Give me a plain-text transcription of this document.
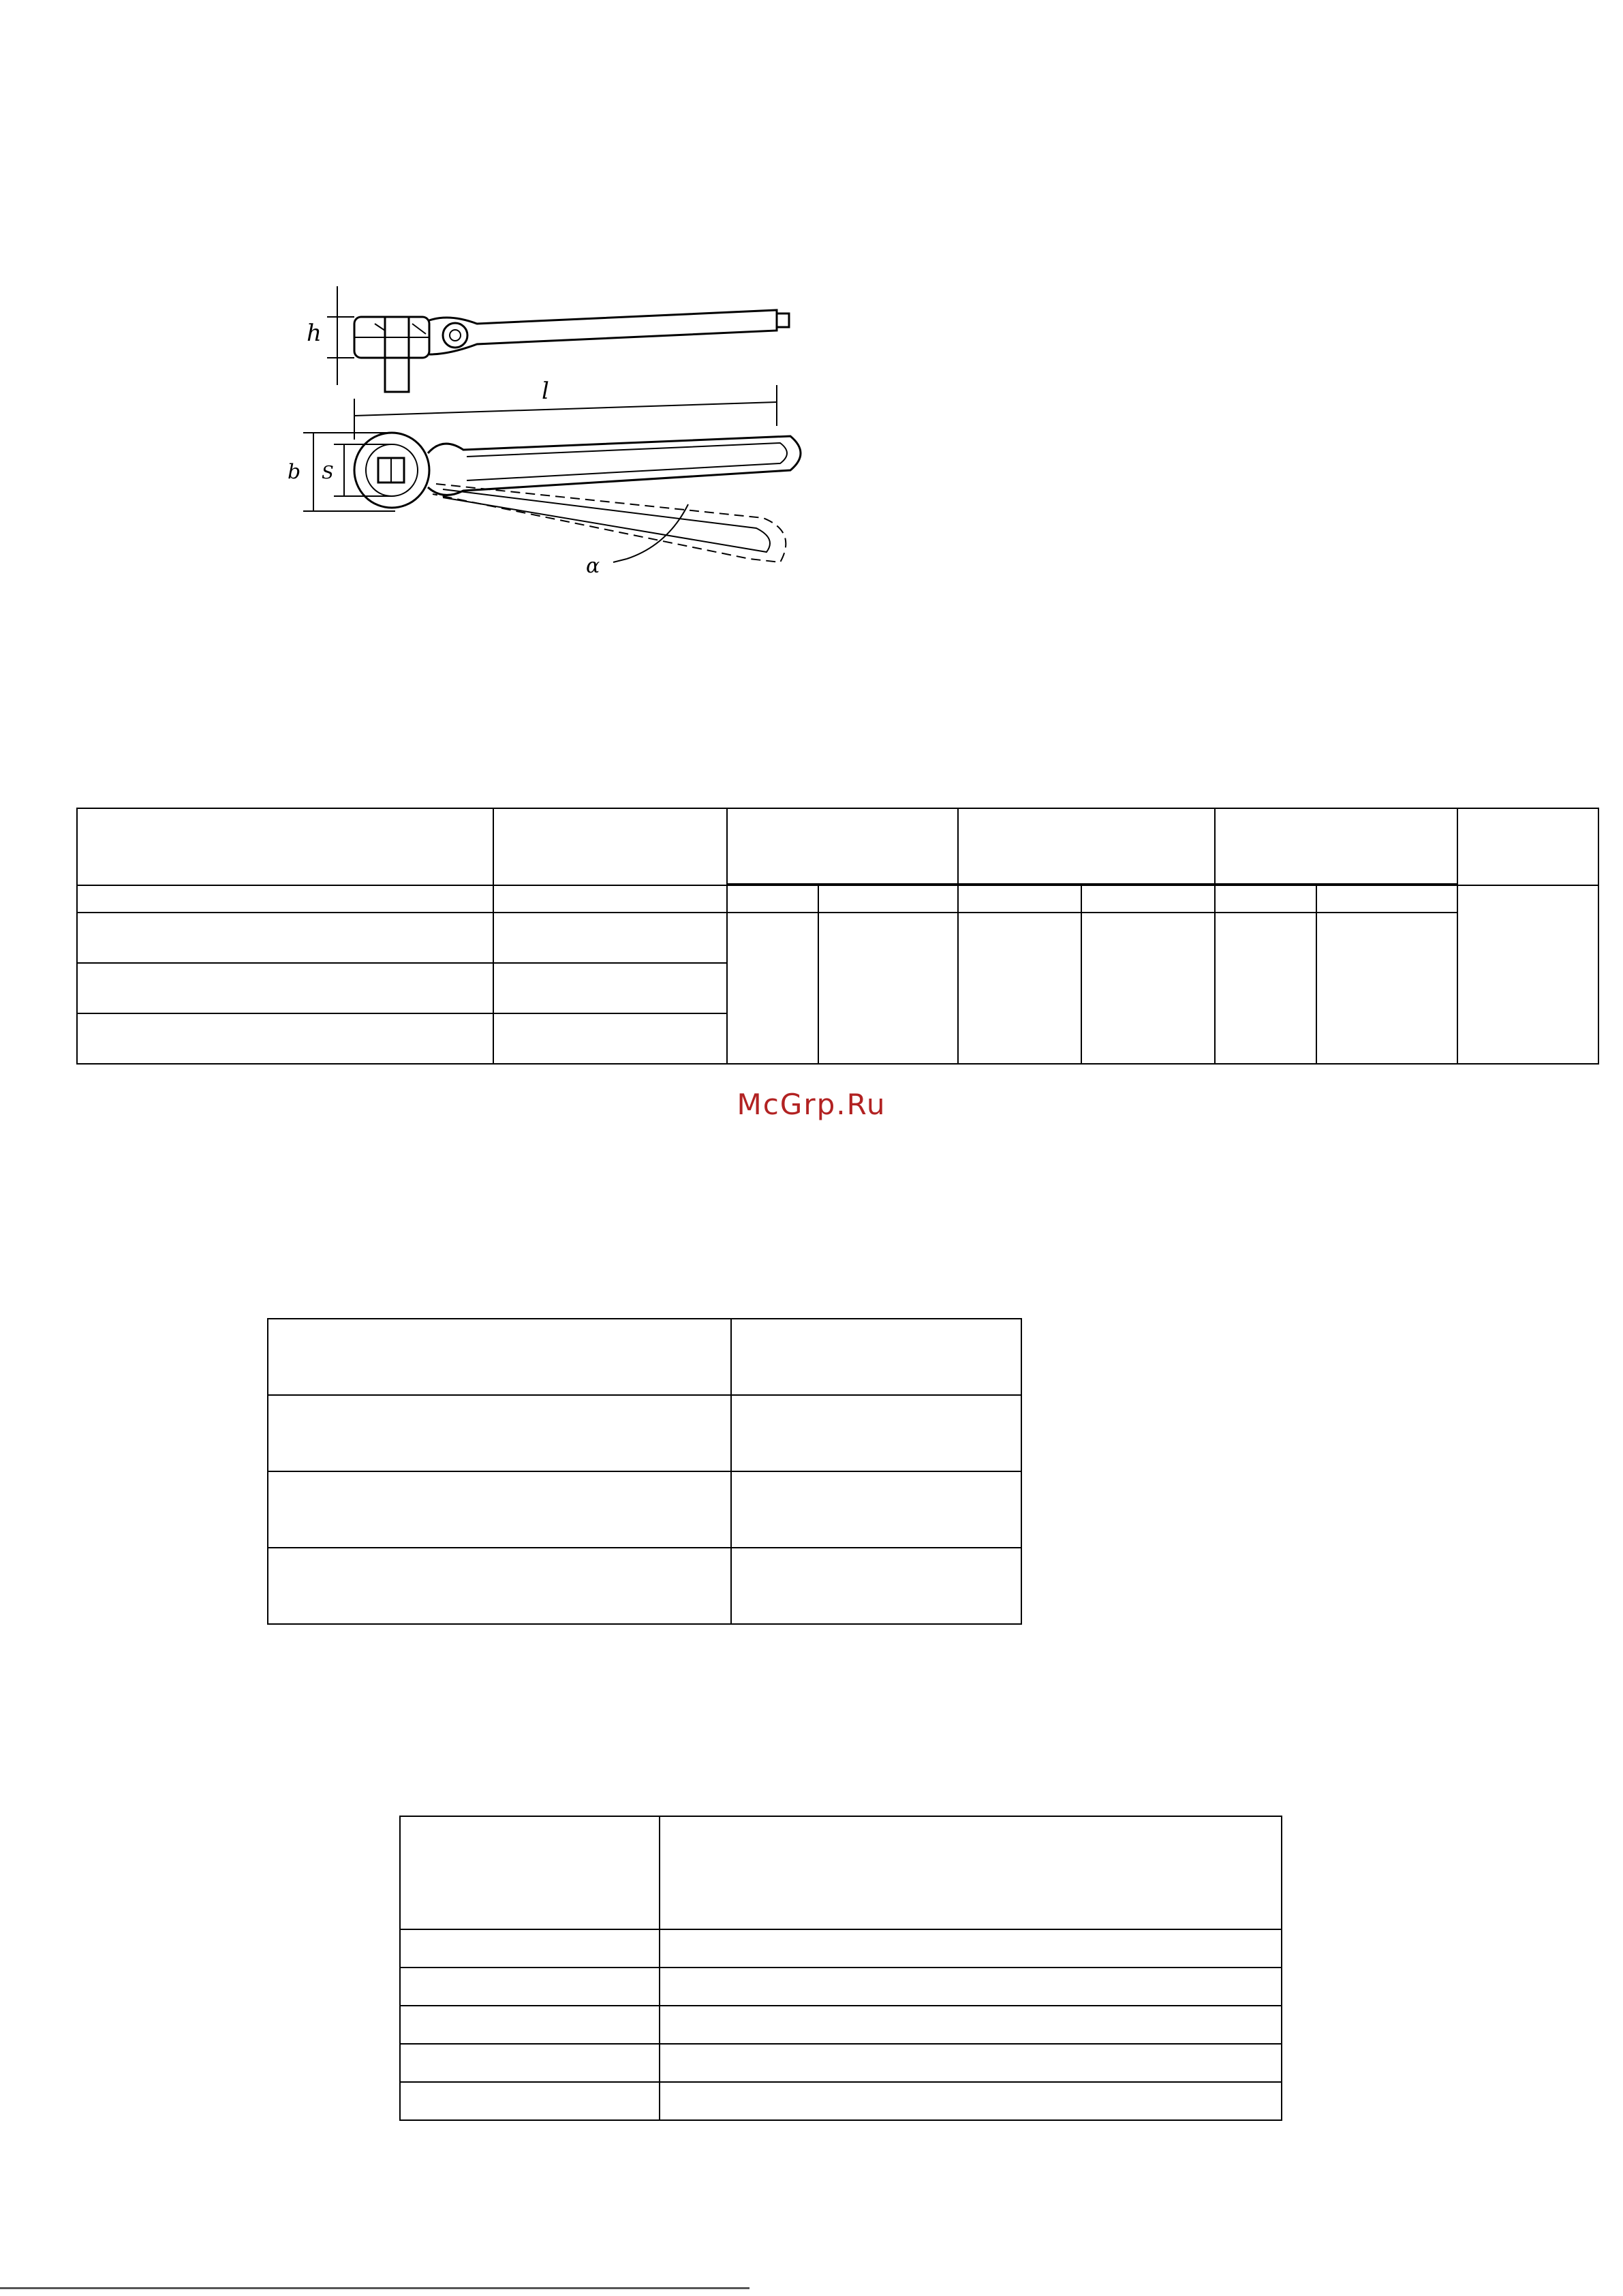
h
l
α
b S

McGrp.Ru
